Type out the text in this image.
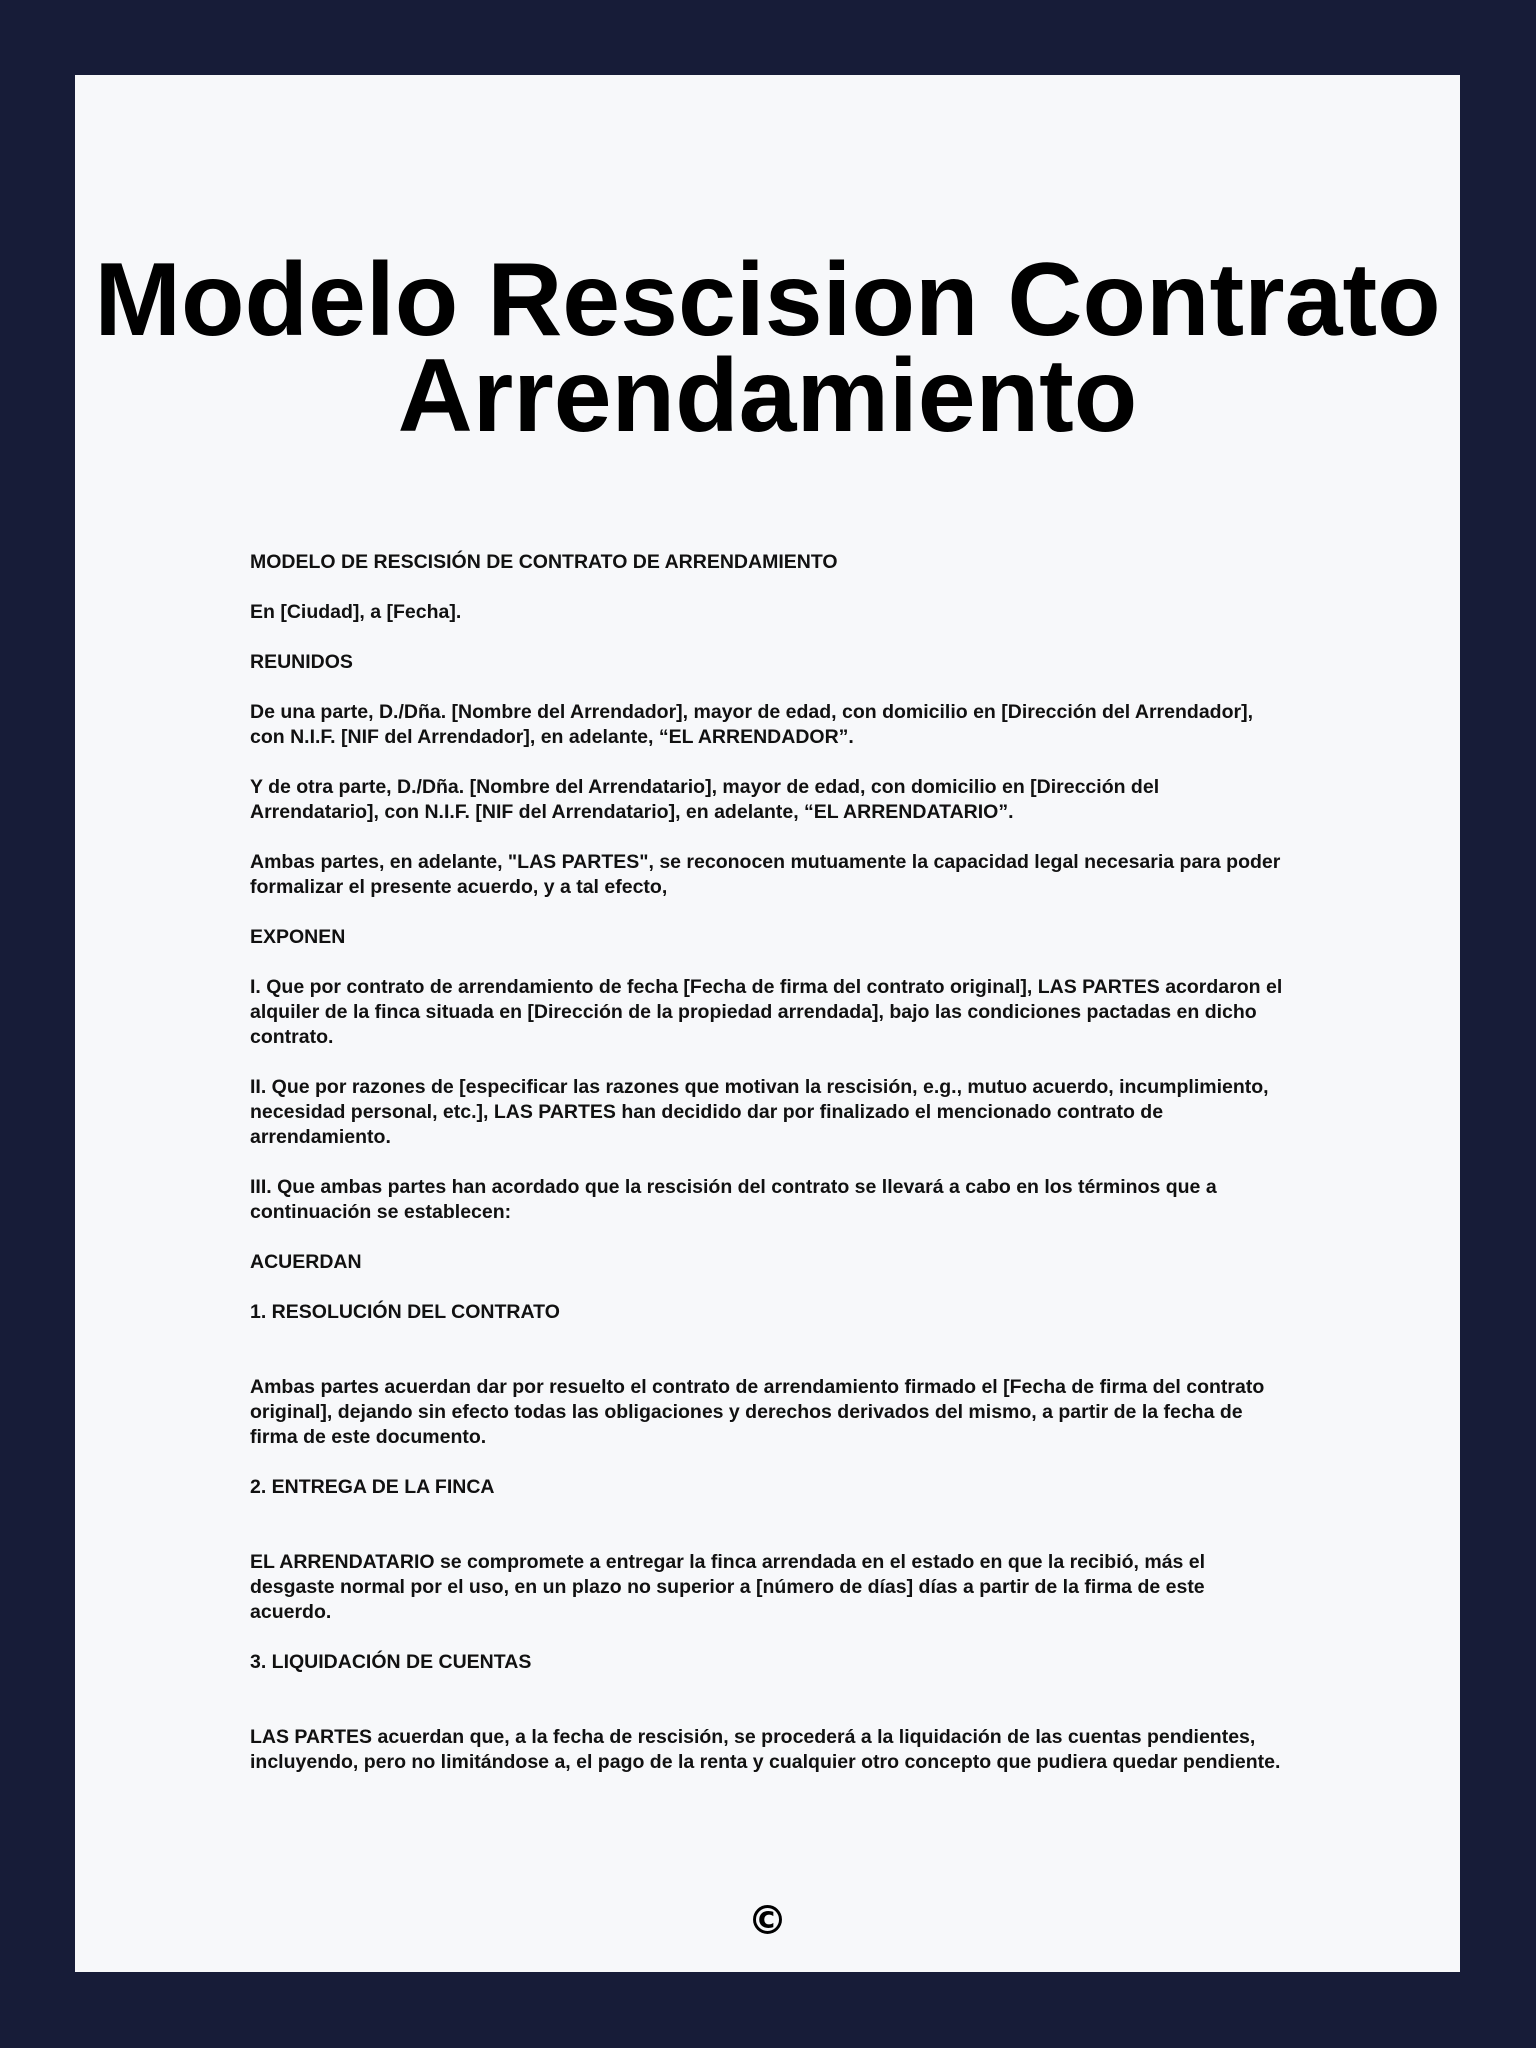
Modelo Rescision Contrato Arrendamiento

MODELO DE RESCISIÓN DE CONTRATO DE ARRENDAMIENTO

En [Ciudad], a [Fecha].

REUNIDOS

De una parte, D./Dña. [Nombre del Arrendador], mayor de edad, con domicilio en [Dirección del Arrendador], con N.I.F. [NIF del Arrendador], en adelante, “EL ARRENDADOR”.

Y de otra parte, D./Dña. [Nombre del Arrendatario], mayor de edad, con domicilio en [Dirección del Arrendatario], con N.I.F. [NIF del Arrendatario], en adelante, “EL ARRENDATARIO”.

Ambas partes, en adelante, "LAS PARTES", se reconocen mutuamente la capacidad legal necesaria para poder formalizar el presente acuerdo, y a tal efecto,

EXPONEN

I. Que por contrato de arrendamiento de fecha [Fecha de firma del contrato original], LAS PARTES acordaron el alquiler de la finca situada en [Dirección de la propiedad arrendada], bajo las condiciones pactadas en dicho contrato.

II. Que por razones de [especificar las razones que motivan la rescisión, e.g., mutuo acuerdo, incumplimiento, necesidad personal, etc.], LAS PARTES han decidido dar por finalizado el mencionado contrato de arrendamiento.

III. Que ambas partes han acordado que la rescisión del contrato se llevará a cabo en los términos que a continuación se establecen:

ACUERDAN

1. RESOLUCIÓN DEL CONTRATO

Ambas partes acuerdan dar por resuelto el contrato de arrendamiento firmado el [Fecha de firma del contrato original], dejando sin efecto todas las obligaciones y derechos derivados del mismo, a partir de la fecha de firma de este documento.

2. ENTREGA DE LA FINCA

EL ARRENDATARIO se compromete a entregar la finca arrendada en el estado en que la recibió, más el desgaste normal por el uso, en un plazo no superior a [número de días] días a partir de la firma de este acuerdo.

3. LIQUIDACIÓN DE CUENTAS

LAS PARTES acuerdan que, a la fecha de rescisión, se procederá a la liquidación de las cuentas pendientes, incluyendo, pero no limitándose a, el pago de la renta y cualquier otro concepto que pudiera quedar pendiente.

©
